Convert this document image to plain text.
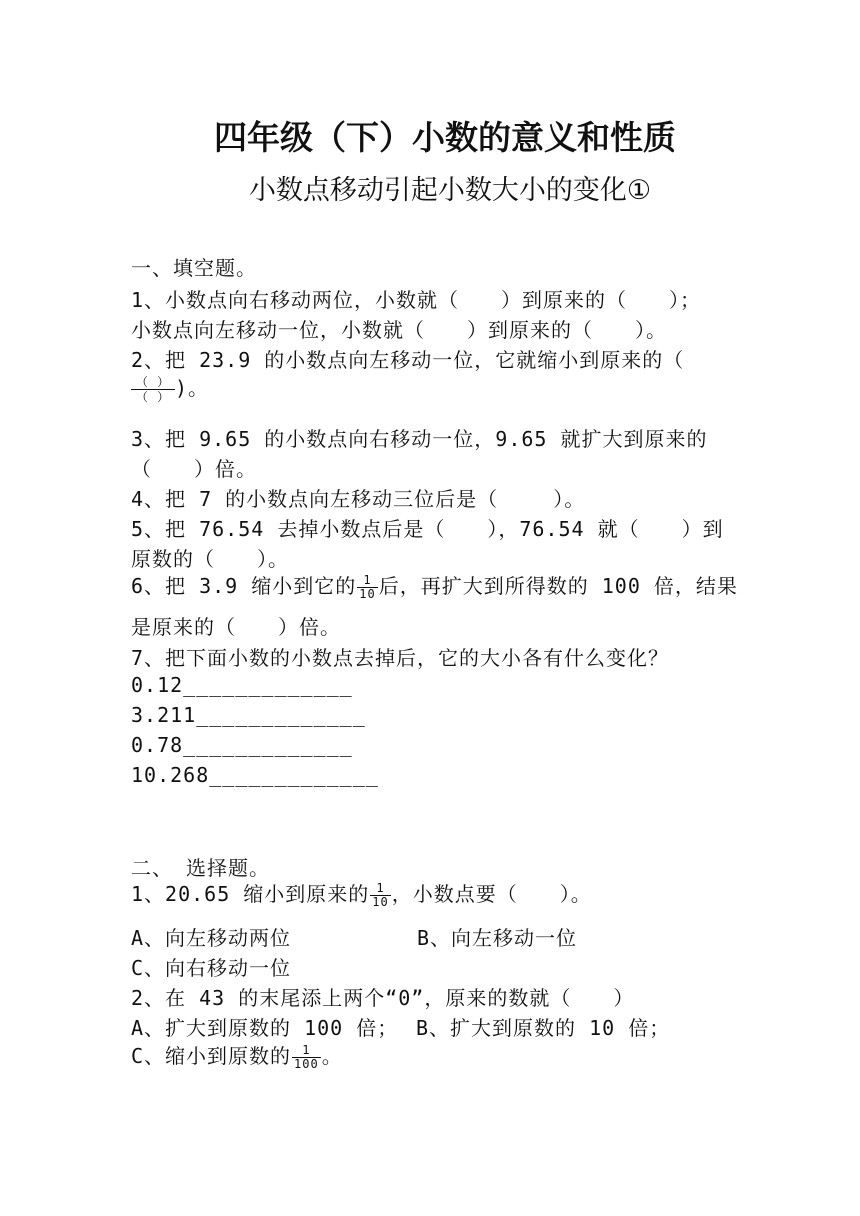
四年级（下）小数的意义和性质
小数点移动引起小数大小的变化①
一、填空题。
1、小数点向右移动两位，小数就（　　）到原来的（　　）；
小数点向左移动一位，小数就（　　）到原来的（　　）。
2、把 23.9 的小数点向左移动一位，它就缩小到原来的（
$\frac{( )}{( )}$ )。
3、把 9.65 的小数点向右移动一位，9.65 就扩大到原来的
（　　）倍。
4、把 7 的小数点向左移动三位后是（　　 ）。
5、把 76.54 去掉小数点后是（　　），76.54 就（　　）到
原数的（　　）。
6、把 3.9 缩小到它的 $\frac{1}{10}$ 后，再扩大到所得数的 100 倍，结果
是原来的（　　）倍。
7、把下面小数的小数点去掉后，它的大小各有什么变化？
0.12_____________
3.211_____________
0.78_____________
10.268_____________
二、 选择题。
1、20.65 缩小到原来的 $\frac{1}{10}$ ，小数点要（　　）。
A、向左移动两位	B、向左移动一位
C、向右移动一位
2、在 43 的末尾添上两个“0”，原来的数就（　　）
A、扩大到原数的 100 倍； B、扩大到原数的 10 倍；
C、缩小到原数的 $\frac{1}{100}$ 。
